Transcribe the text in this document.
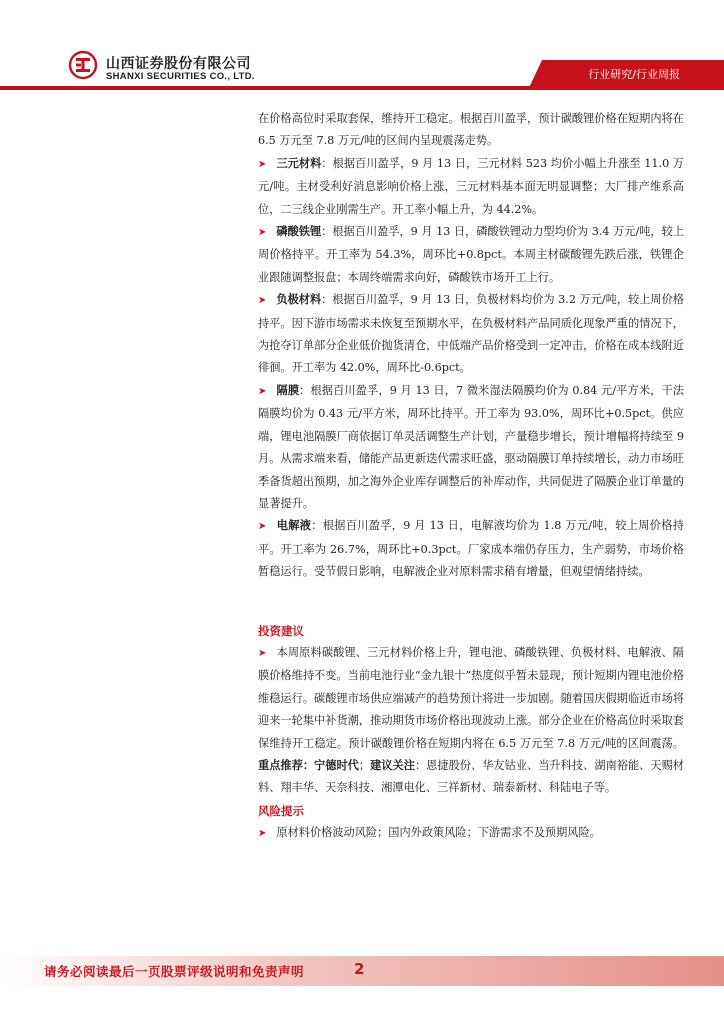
山西证券股份有限公司
SHANXI SECURITIES CO., LTD.	行业研究/行业周报

在价格高位时采取套保，维持开工稳定。根据百川盈孚，预计碳酸锂价格在短期内将在 6.5 万元至 7.8 万元/吨的区间内呈现震荡走势。

➤ 三元材料：根据百川盈孚，9 月 13 日，三元材料 523 均价小幅上升涨至 11.0 万元/吨。主材受利好消息影响价格上涨，三元材料基本面无明显调整；大厂排产维系高位，二三线企业刚需生产。开工率小幅上升，为 44.2%。

➤ 磷酸铁锂：根据百川盈孚，9 月 13 日，磷酸铁锂动力型均价为 3.4 万元/吨，较上周价格持平。开工率为 54.3%，周环比+0.8pct。本周主材碳酸锂先跌后涨，铁锂企业跟随调整报盘；本周终端需求向好，磷酸铁市场开工上行。

➤ 负极材料：根据百川盈孚，9 月 13 日，负极材料均价为 3.2 万元/吨，较上周价格持平。因下游市场需求未恢复至预期水平，在负极材料产品同质化现象严重的情况下，为抢夺订单部分企业低价抛货清仓，中低端产品价格受到一定冲击，价格在成本线附近徘徊。开工率为 42.0%，周环比-0.6pct。

➤ 隔膜：根据百川盈孚，9 月 13 日，7 微米湿法隔膜均价为 0.84 元/平方米，干法隔膜均价为 0.43 元/平方米，周环比持平。开工率为 93.0%，周环比+0.5pct。供应端，锂电池隔膜厂商依据订单灵活调整生产计划，产量稳步增长，预计增幅将持续至 9 月。从需求端来看，储能产品更新迭代需求旺盛，驱动隔膜订单持续增长，动力市场旺季备货超出预期，加之海外企业库存调整后的补库动作，共同促进了隔膜企业订单量的显著提升。

➤ 电解液：根据百川盈孚，9 月 13 日，电解液均价为 1.8 万元/吨，较上周价格持平。开工率为 26.7%，周环比+0.3pct。厂家成本端仍存压力，生产弱势，市场价格暂稳运行。受节假日影响，电解液企业对原料需求稍有增量，但观望情绪持续。

投资建议

➤ 本周原料碳酸锂、三元材料价格上升，锂电池、磷酸铁锂、负极材料、电解液、隔膜价格维持不变。当前电池行业“金九银十”热度似乎暂未显现，预计短期内锂电池价格维稳运行。碳酸锂市场供应端减产的趋势预计将进一步加剧。随着国庆假期临近市场将迎来一轮集中补货潮，推动期货市场价格出现波动上涨。部分企业在价格高位时采取套保维持开工稳定。预计碳酸锂价格在短期内将在 6.5 万元至 7.8 万元/吨的区间震荡。重点推荐：宁德时代；建议关注：恩捷股份、华友钴业、当升科技、湖南裕能、天赐材料、翔丰华、天奈科技、湘潭电化、三祥新材、瑞泰新材、科陆电子等。

风险提示

➤ 原材料价格波动风险；国内外政策风险；下游需求不及预期风险。

请务必阅读最后一页股票评级说明和免责声明	2
